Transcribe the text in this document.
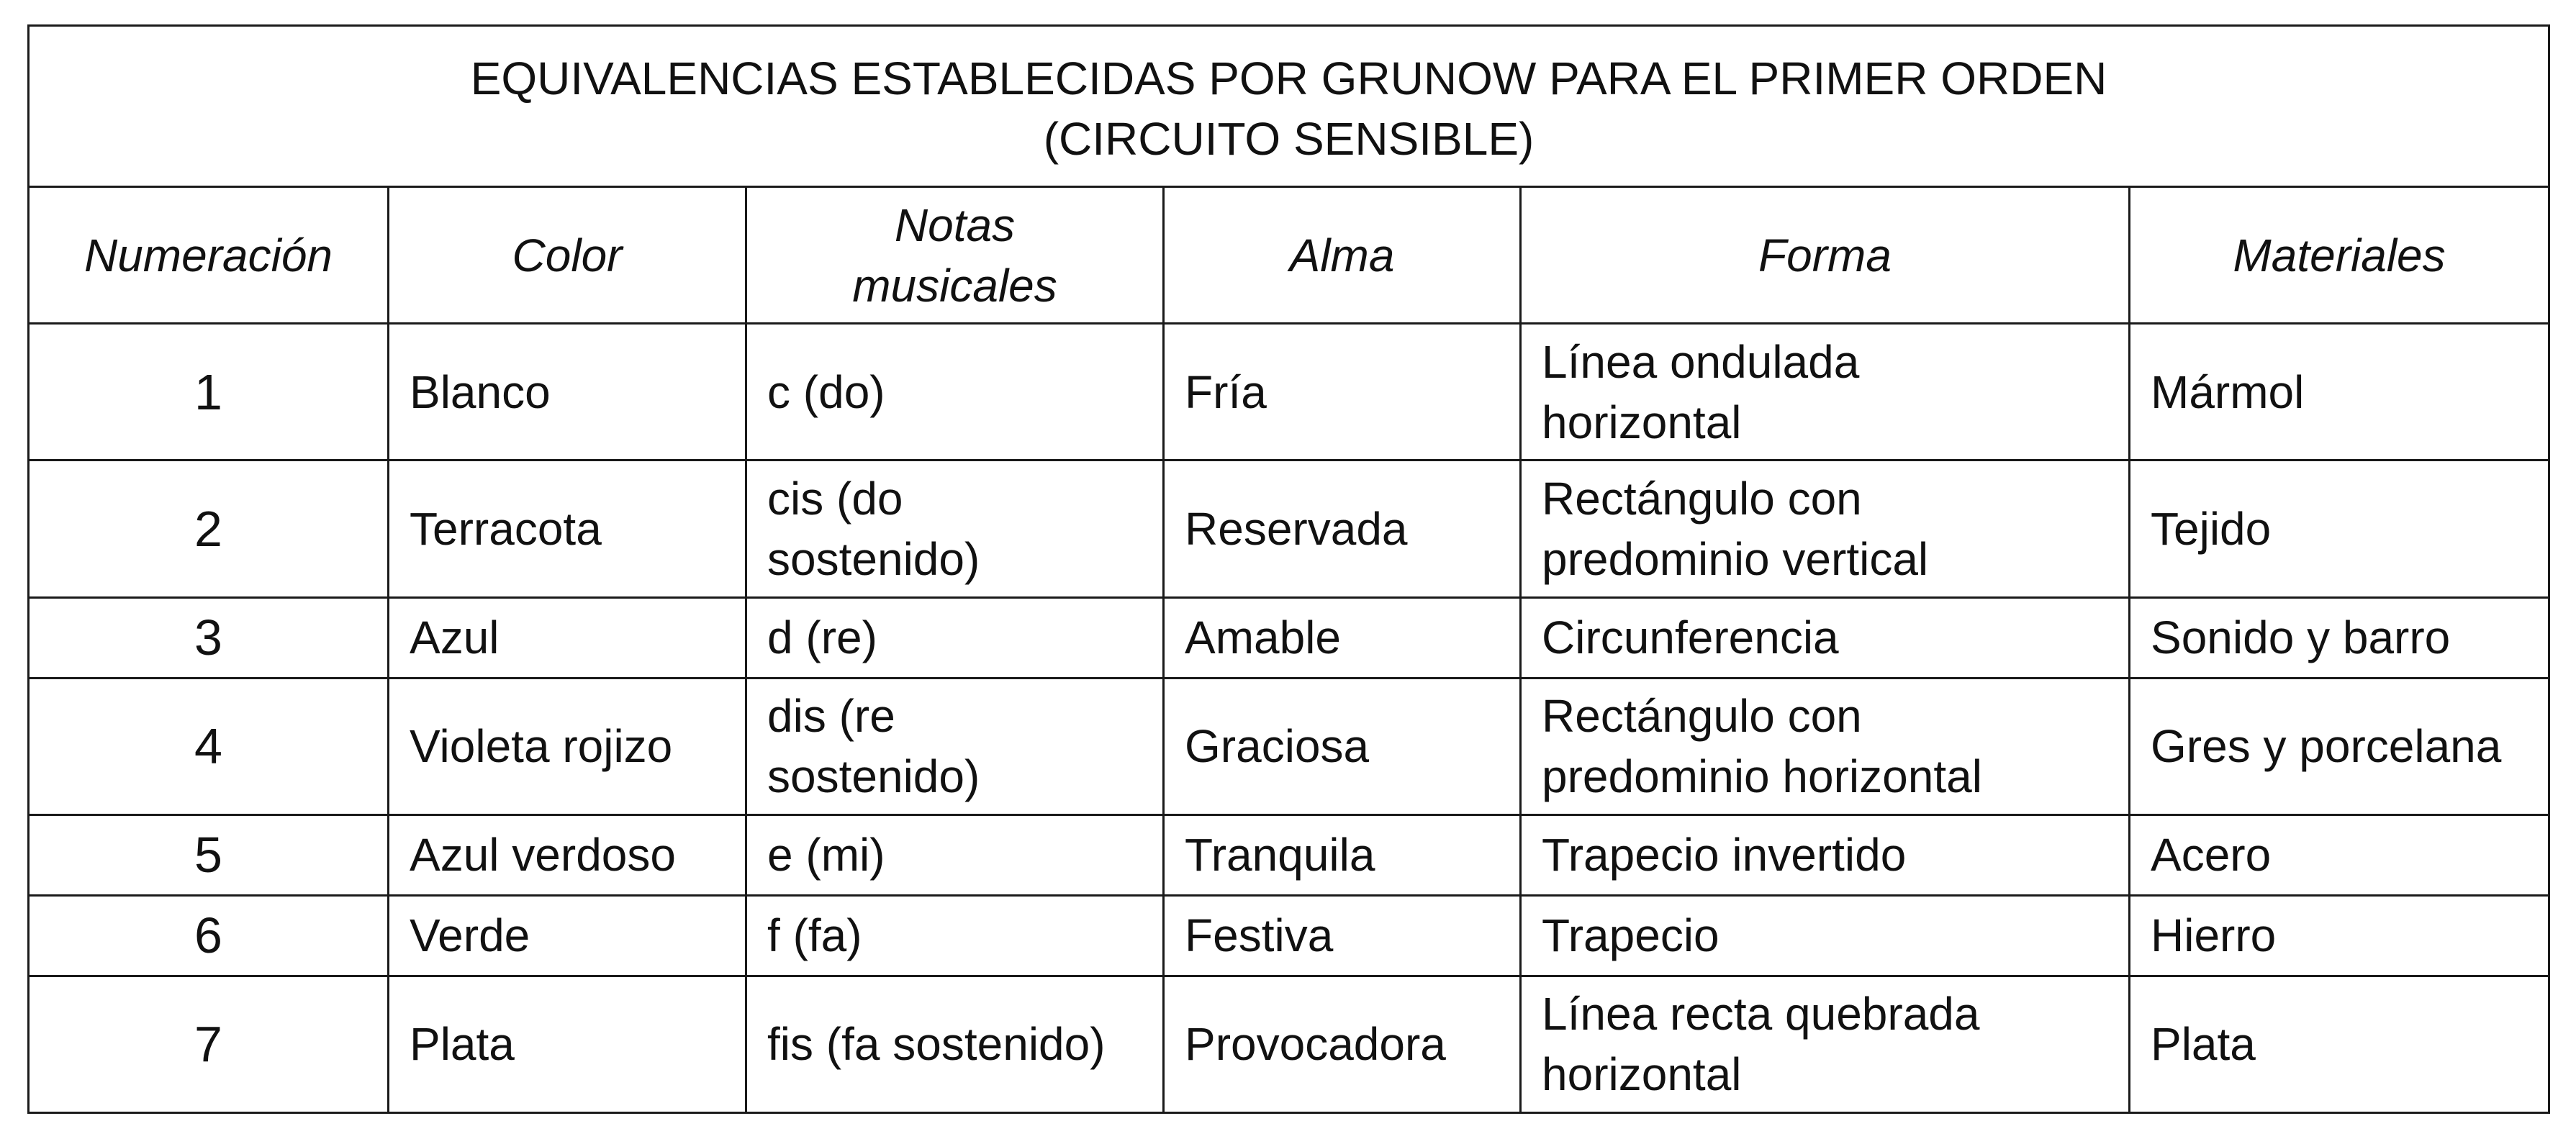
EQUIVALENCIAS ESTABLECIDAS POR GRUNOW PARA EL PRIMER ORDEN
(CIRCUITO SENSIBLE)					

Numeración	Color	Notas musicales	Alma	Forma	Materiales
1	Blanco	c (do)	Fría	Línea ondulada horizontal	Mármol
2	Terracota	cis (do sostenido)	Reservada	Rectángulo con predominio vertical	Tejido
3	Azul	d (re)	Amable	Circunferencia	Sonido y barro
4	Violeta rojizo	dis (re sostenido)	Graciosa	Rectángulo con predominio horizontal	Gres y porcelana
5	Azul verdoso	e (mi)	Tranquila	Trapecio invertido	Acero
6	Verde	f (fa)	Festiva	Trapecio	Hierro
7	Plata	fis (fa sostenido)	Provocadora	Línea recta quebrada horizontal	Plata
